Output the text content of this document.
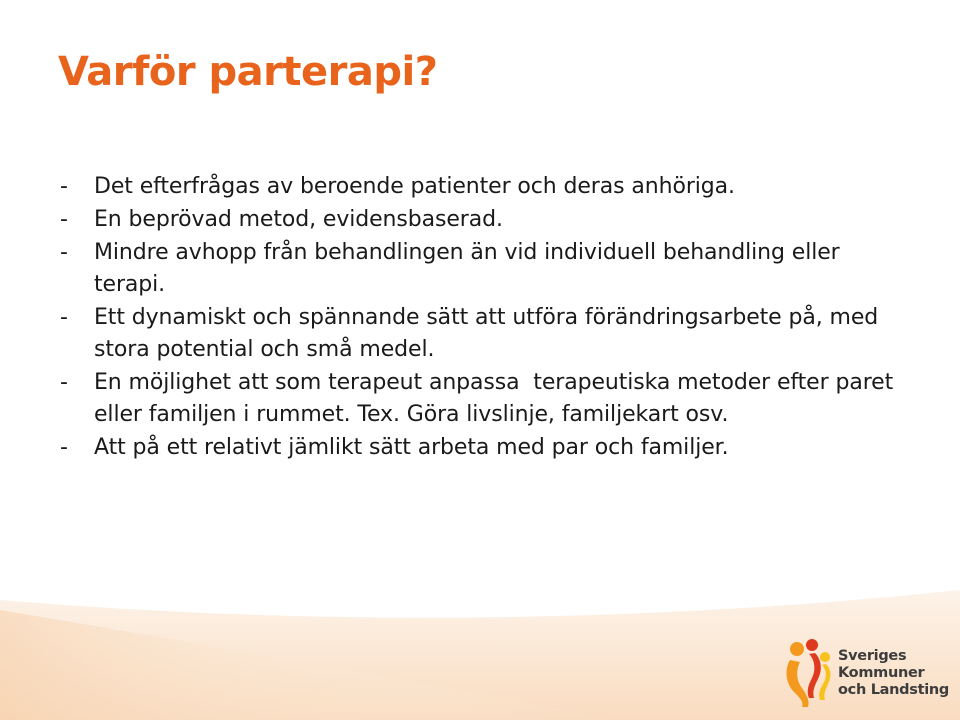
Varför parterapi?
-	Det efterfrågas av beroende patienter och deras anhöriga.
-	En beprövad metod, evidensbaserad.
-	Mindre avhopp från behandlingen än vid individuell behandling eller terapi.
-	Ett dynamiskt och spännande sätt att utföra förändringsarbete på, med stora potential och små medel.
-	En möjlighet att som terapeut anpassa  terapeutiska metoder efter paret eller familjen i rummet. Tex. Göra livslinje, familjekart osv.
-	Att på ett relativt jämlikt sätt arbeta med par och familjer.
Sveriges
Kommuner
och Landsting
